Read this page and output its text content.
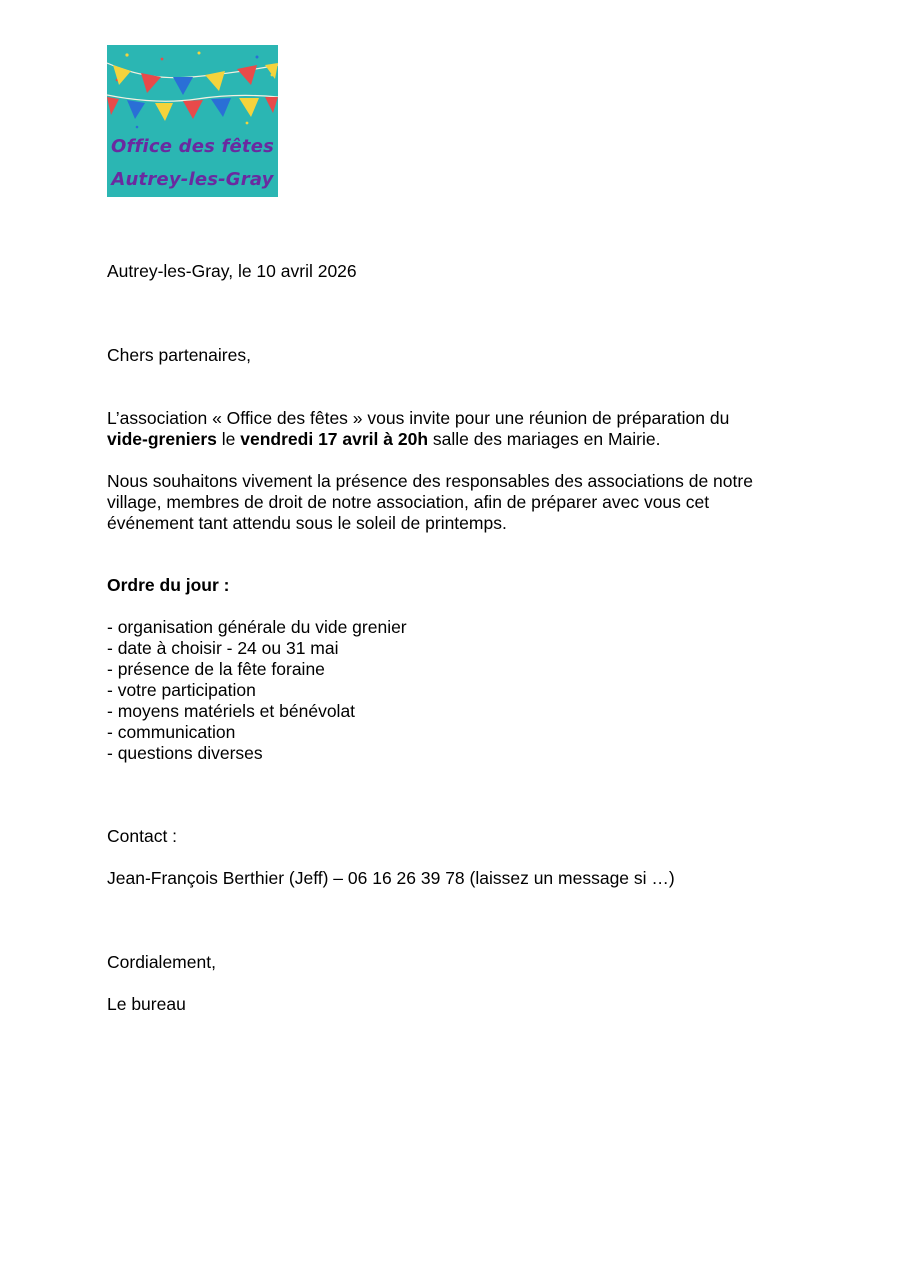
Office des fêtes
Autrey-les-Gray
Autrey-les-Gray, le 10 avril 2026
Chers partenaires,
L’association « Office des fêtes » vous invite pour une réunion de préparation du
vide-greniers le vendredi 17 avril à 20h salle des mariages en Mairie.
Nous souhaitons vivement la présence des responsables des associations de notre
village, membres de droit de notre association, afin de préparer avec vous cet
événement tant attendu sous le soleil de printemps.
Ordre du jour :
- organisation générale du vide grenier
- date à choisir - 24 ou 31 mai
- présence de la fête foraine
- votre participation
- moyens matériels et bénévolat
- communication
- questions diverses
Contact :
Jean-François Berthier (Jeff) – 06 16 26 39 78 (laissez un message si …)
Cordialement,
Le bureau
